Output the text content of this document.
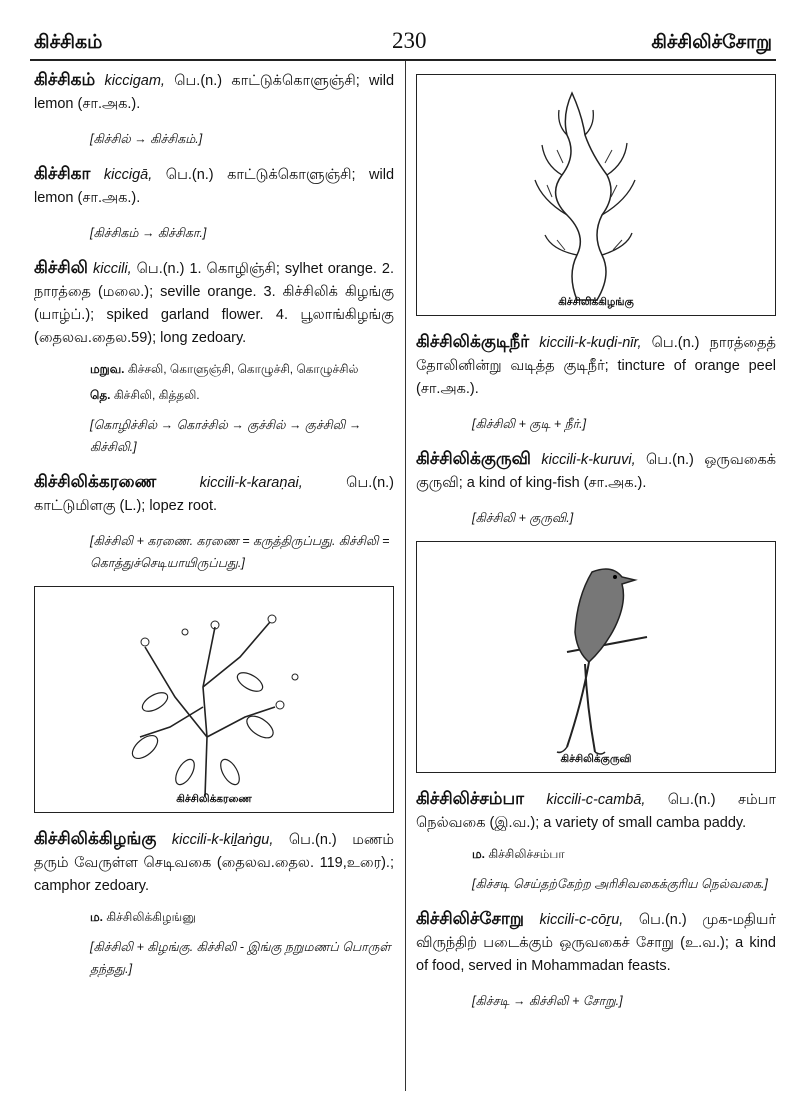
கிச்சிகம்	230	கிச்சிலிச்சோறு
கிச்சிகம் kiccigam, பெ.(n.) காட்டுக்கொளுஞ்சி; wild lemon (சா.அக.).
[கிச்சில் → கிச்சிகம்.]
கிச்சிகா kiccigā, பெ.(n.) காட்டுக்கொளுஞ்சி; wild lemon (சா.அக.).
[கிச்சிகம் → கிச்சிகா.]
கிச்சிலி kiccili, பெ.(n.) 1. கொழிஞ்சி; sylhet orange. 2. நாரத்தை (மலை.); seville orange. 3. கிச்சிலிக் கிழங்கு (யாழ்ப்.); spiked garland flower. 4. பூலாங்கிழங்கு (தைலவ.தைல.59); long zedoary.
மறுவ. கிச்சலி, கொளுஞ்சி, கொழுச்சி, கொழுச்சில்
தெ. கிச்சிலி, கித்தலி.
[கொழிச்சில் → கொச்சில் → குச்சில் → குச்சிலி → கிச்சிலி.]
கிச்சிலிக்கரணை	kiccili-k-karaṇai,	பெ.(n.) காட்டுமிளகு (L.); lopez root.
[கிச்சிலி + கரணை. கரணை = கருத்திருப்பது. கிச்சிலி = கொத்துச்செடியாயிருப்பது.]
கிச்சிலிக்கரணை
கிச்சிலிக்கிழங்கு kiccili-k-kiḻaṅgu, பெ.(n.) மணம் தரும் வேருள்ள செடிவகை (தைலவ.தைல. 119,உரை).; camphor zedoary.
ம. கிச்சிலிக்கிழங்னு
[கிச்சிலி + கிழங்கு. கிச்சிலி - இங்கு நறுமணப் பொருள் தந்தது.]
கிச்சிலிக்கிழங்கு
கிச்சிலிக்குடிநீர் kiccili-k-kuḍi-nīr, பெ.(n.) நாரத்தைத் தோலினின்று வடித்த குடிநீர்; tincture of orange peel (சா.அக.).
[கிச்சிலி + குடி + நீர்.]
கிச்சிலிக்குருவி kiccili-k-kuruvi, பெ.(n.) ஒருவகைக் குருவி; a kind of king-fish (சா.அக.).
[கிச்சிலி + குருவி.]
கிச்சிலிக்குருவி
கிச்சிலிச்சம்பா kiccili-c-cambā, பெ.(n.) சம்பா நெல்வகை (இ.வ.); a variety of small camba paddy.
ம. கிச்சிலிச்சம்பா
[கிச்சடி செய்தற்கேற்ற அரிசிவகைக்குரிய நெல்வகை.]
கிச்சிலிச்சோறு kiccili-c-cōṟu, பெ.(n.) முக-மதியர் விருந்திற் படைக்கும் ஒருவகைச் சோறு (உ.வ.); a kind of food, served in Mohammadan feasts.
[கிச்சடி → கிச்சிலி + சோறு.]
